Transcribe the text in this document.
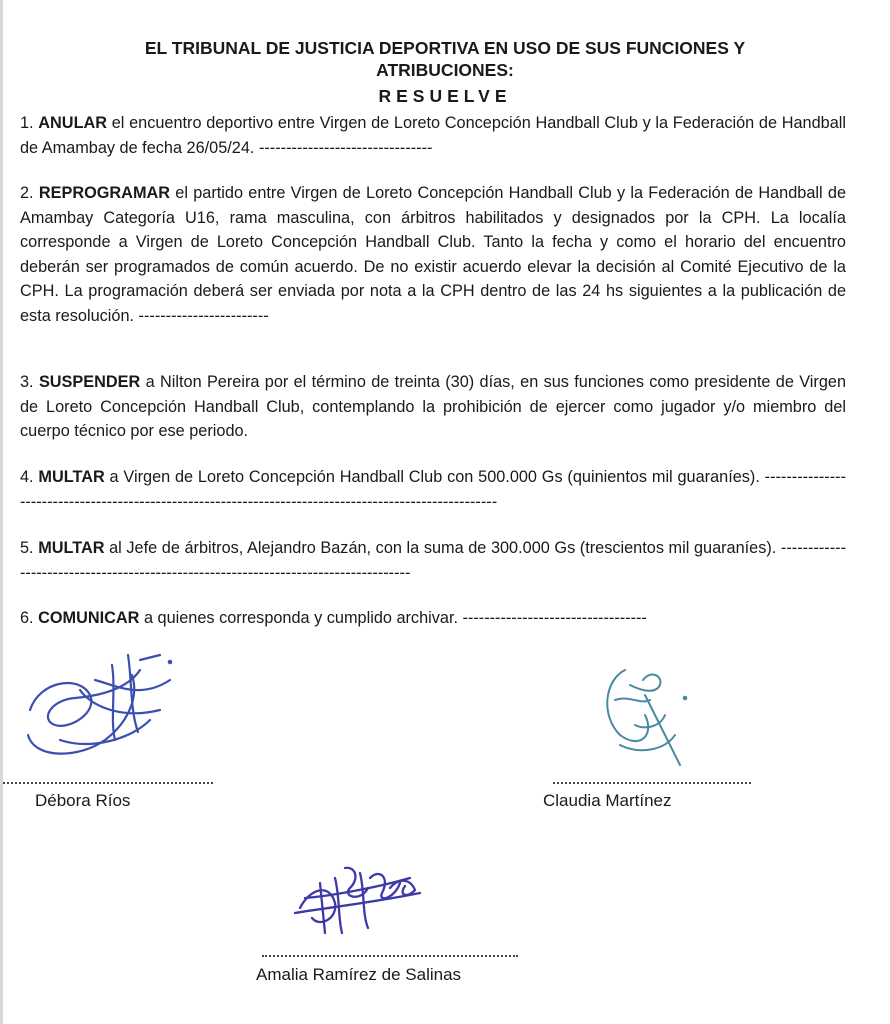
EL TRIBUNAL DE JUSTICIA DEPORTIVA EN USO DE SUS FUNCIONES Y
ATRIBUCIONES:
RESUELVE
1. ANULAR el encuentro deportivo entre Virgen de Loreto Concepción Handball Club y la Federación de Handball de Amambay de fecha 26/05/24. --------------------------------
2. REPROGRAMAR el partido entre Virgen de Loreto Concepción Handball Club y la Federación de Handball de Amambay Categoría U16, rama masculina, con árbitros habilitados y designados por la CPH. La localía corresponde a Virgen de Loreto Concepción Handball Club. Tanto la fecha y como el horario del encuentro deberán ser programados de común acuerdo. De no existir acuerdo elevar la decisión al Comité Ejecutivo de la CPH. La programación deberá ser enviada por nota a la CPH dentro de las 24 hs siguientes a la publicación de esta resolución. ------------------------
3. SUSPENDER a Nilton Pereira por el término de treinta (30) días, en sus funciones como presidente de Virgen de Loreto Concepción Handball Club, contemplando la prohibición de ejercer como jugador y/o miembro del cuerpo técnico por ese periodo.
4. MULTAR a Virgen de Loreto Concepción Handball Club con 500.000 Gs (quinientos mil guaraníes). -------------------------------------------------------------------------------------------------------
5. MULTAR al Jefe de árbitros, Alejandro Bazán, con la suma de 300.000 Gs (trescientos mil guaraníes). ------------------------------------------------------------------------------------
6. COMUNICAR a quienes corresponda y cumplido archivar. ----------------------------------
Débora Ríos	Claudia Martínez
Amalia Ramírez de Salinas
